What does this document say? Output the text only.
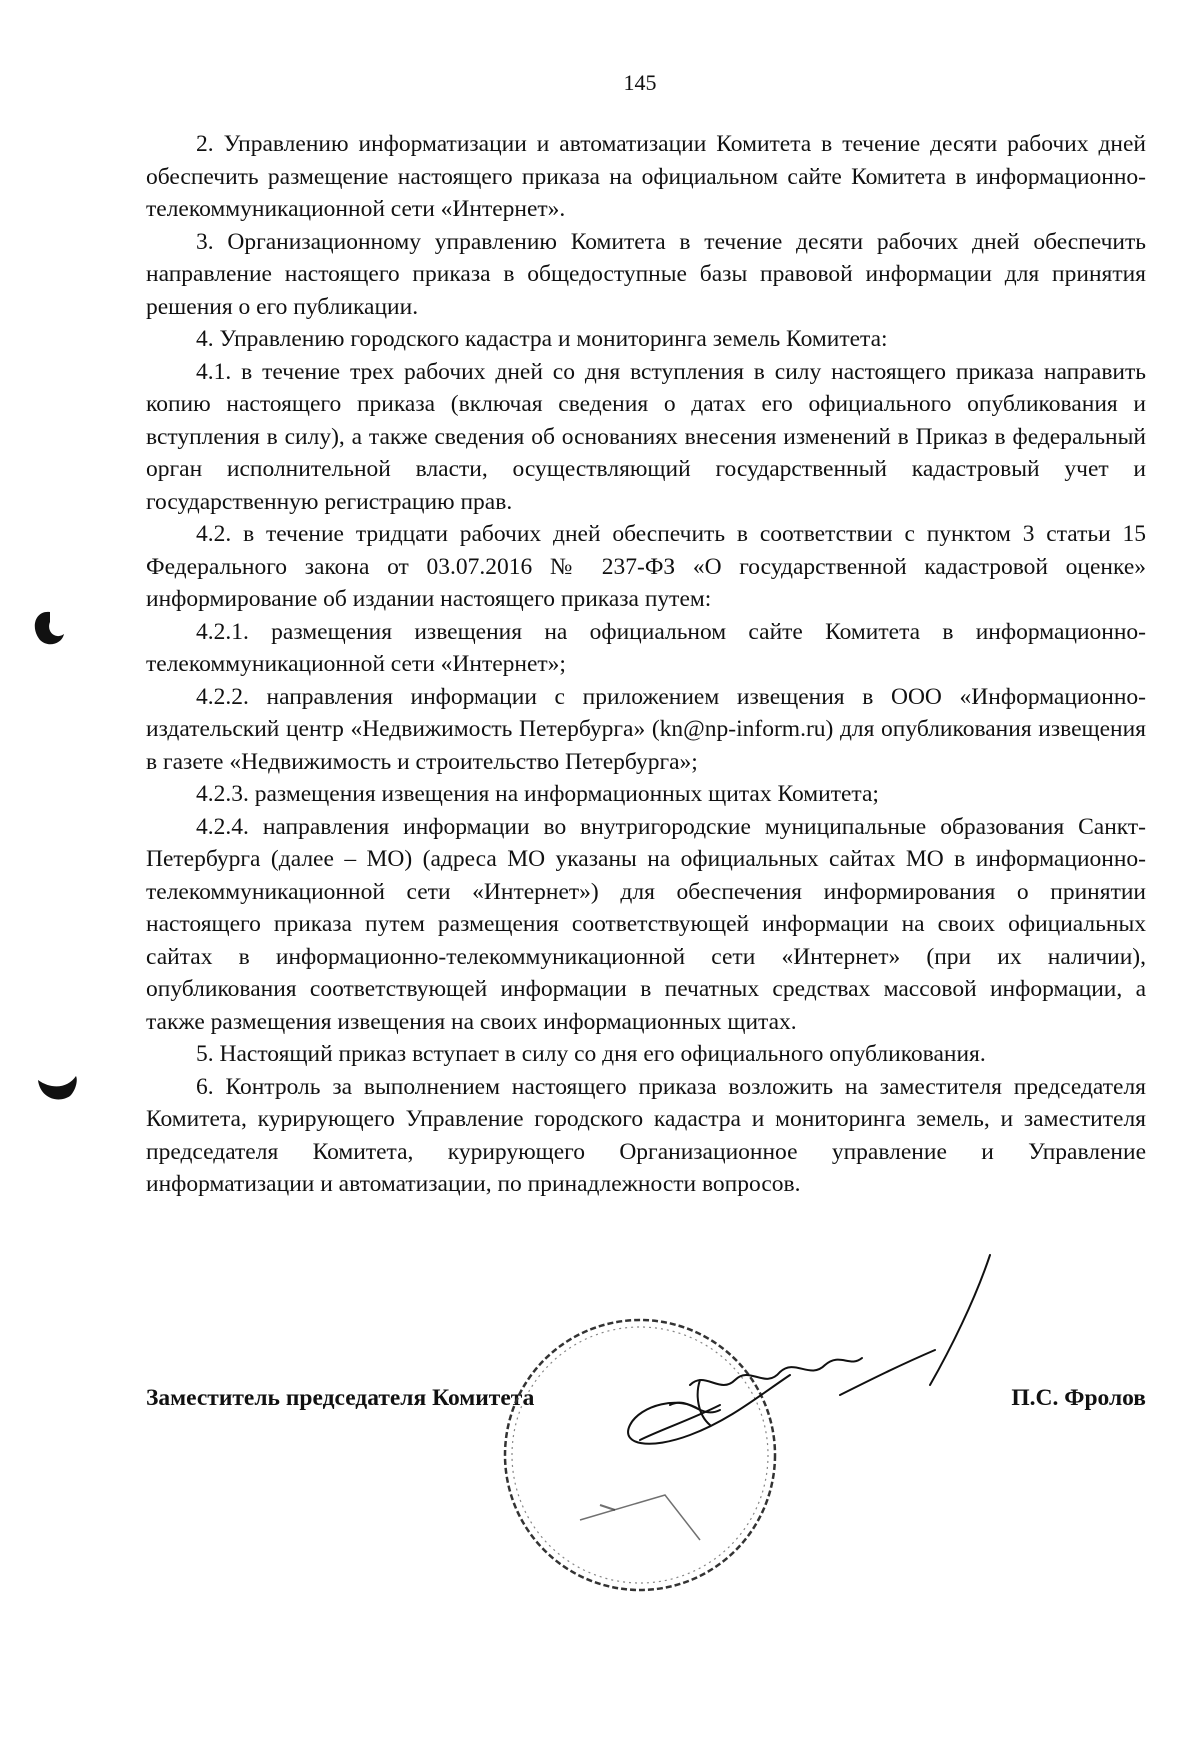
145

2. Управлению информатизации и автоматизации Комитета в течение десяти рабочих дней обеспечить размещение настоящего приказа на официальном сайте Комитета в информационно-телекоммуникационной сети «Интернет».

3. Организационному управлению Комитета в течение десяти рабочих дней обеспечить направление настоящего приказа в общедоступные базы правовой информации для принятия решения о его публикации.

4. Управлению городского кадастра и мониторинга земель Комитета:

4.1. в течение трех рабочих дней со дня вступления в силу настоящего приказа направить копию настоящего приказа (включая сведения о датах его официального опубликования и вступления в силу), а также сведения об основаниях внесения изменений в Приказ в федеральный орган исполнительной власти, осуществляющий государственный кадастровый учет и государственную регистрацию прав.

4.2. в течение тридцати рабочих дней обеспечить в соответствии с пунктом 3 статьи 15 Федерального закона от 03.07.2016 № 237-ФЗ «О государственной кадастровой оценке» информирование об издании настоящего приказа путем:

4.2.1. размещения извещения на официальном сайте Комитета в информационно-телекоммуникационной сети «Интернет»;

4.2.2. направления информации с приложением извещения в ООО «Информационно-издательский центр «Недвижимость Петербурга» (kn@np-inform.ru) для опубликования извещения в газете «Недвижимость и строительство Петербурга»;

4.2.3. размещения извещения на информационных щитах Комитета;

4.2.4. направления информации во внутригородские муниципальные образования Санкт-Петербурга (далее – МО) (адреса МО указаны на официальных сайтах МО в информационно-телекоммуникационной сети «Интернет») для обеспечения информирования о принятии настоящего приказа путем размещения соответствующей информации на своих официальных сайтах в информационно-телекоммуникационной сети «Интернет» (при их наличии), опубликования соответствующей информации в печатных средствах массовой информации, а также размещения извещения на своих информационных щитах.

5. Настоящий приказ вступает в силу со дня его официального опубликования.

6. Контроль за выполнением настоящего приказа возложить на заместителя председателя Комитета, курирующего Управление городского кадастра и мониторинга земель, и заместителя председателя Комитета, курирующего Организационное управление и Управление информатизации и автоматизации, по принадлежности вопросов.

Заместитель председателя Комитета	П.С. Фролов
